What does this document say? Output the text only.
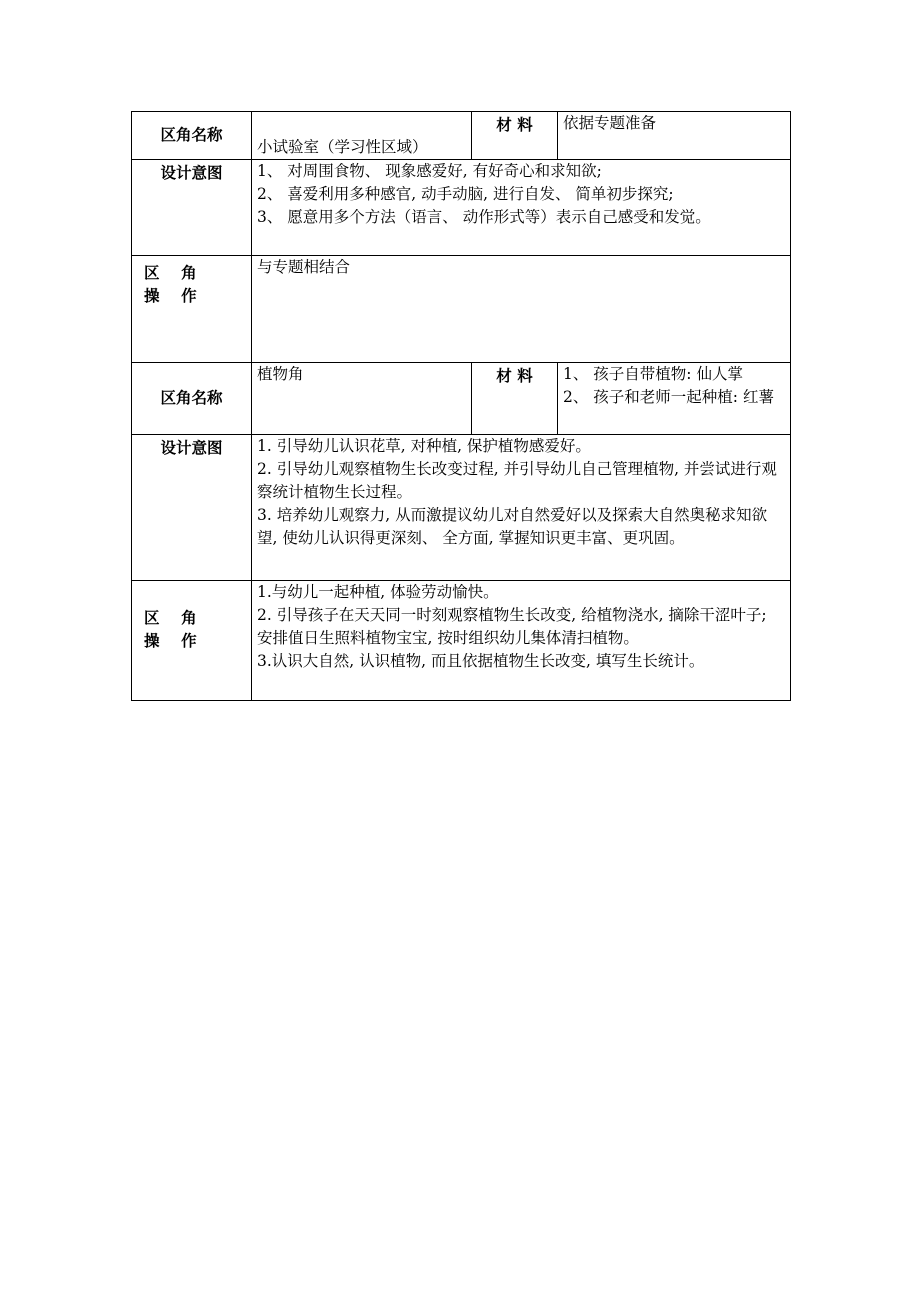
区角名称	小试验室（学习性区域）	材 料	依据专题准备

设计意图	1、 对周围食物、 现象感爱好, 有好奇心和求知欲;
2、 喜爱利用多种感官, 动手动脑, 进行自发、 简单初步探究;
3、 愿意用多个方法（语言、 动作形式等）表示自己感受和发觉。		

区    角
操    作	与专题相结合		

区角名称	植物角	材 料	1、 孩子自带植物: 仙人掌
2、 孩子和老师一起种植: 红薯

设计意图	1. 引导幼儿认识花草, 对种植, 保护植物感爱好。
2. 引导幼儿观察植物生长改变过程, 并引导幼儿自己管理植物, 并尝试进行观察统计植物生长过程。
3. 培养幼儿观察力, 从而激提议幼儿对自然爱好以及探索大自然奥秘求知欲望, 使幼儿认识得更深刻、 全方面, 掌握知识更丰富、更巩固。		

区    角
操    作	1.与幼儿一起种植, 体验劳动愉快。
2. 引导孩子在天天同一时刻观察植物生长改变, 给植物浇水, 摘除干涩叶子; 安排值日生照料植物宝宝, 按时组织幼儿集体清扫植物。
3.认识大自然, 认识植物, 而且依据植物生长改变, 填写生长统计。		
